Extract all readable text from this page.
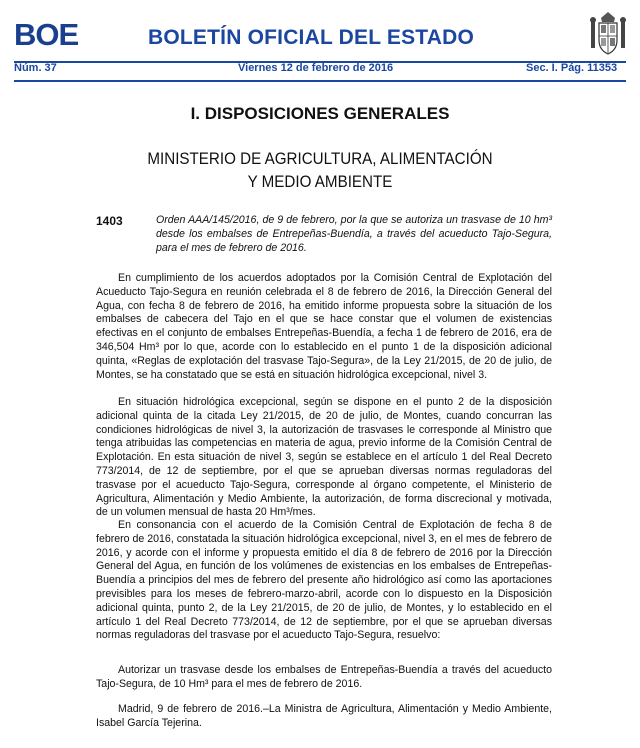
BOE	BOLETÍN OFICIAL DEL ESTADO
Núm. 37	Viernes 12 de febrero de 2016	Sec. I. Pág. 11353
I. DISPOSICIONES GENERALES
MINISTERIO DE AGRICULTURA, ALIMENTACIÓN
Y MEDIO AMBIENTE
1403	Orden AAA/145/2016, de 9 de febrero, por la que se autoriza un trasvase de 10 hm³ desde los embalses de Entrepeñas-Buendía, a través del acueducto Tajo-Segura, para el mes de febrero de 2016.

En cumplimiento de los acuerdos adoptados por la Comisión Central de Explotación del Acueducto Tajo-Segura en reunión celebrada el 8 de febrero de 2016, la Dirección General del Agua, con fecha 8 de febrero de 2016, ha emitido informe propuesta sobre la situación de los embalses de cabecera del Tajo en el que se hace constar que el volumen de existencias efectivas en el conjunto de embalses Entrepeñas-Buendía, a fecha 1 de febrero de 2016, era de 346,504 Hm³ por lo que, acorde con lo establecido en el punto 1 de la disposición adicional quinta, «Reglas de explotación del trasvase Tajo-Segura», de la Ley 21/2015, de 20 de julio, de Montes, se ha constatado que se está en situación hidrológica excepcional, nivel 3.

En situación hidrológica excepcional, según se dispone en el punto 2 de la disposición adicional quinta de la citada Ley 21/2015, de 20 de julio, de Montes, cuando concurran las condiciones hidrológicas de nivel 3, la autorización de trasvases le corresponde al Ministro que tenga atribuidas las competencias en materia de agua, previo informe de la Comisión Central de Explotación. En esta situación de nivel 3, según se establece en el artículo 1 del Real Decreto 773/2014, de 12 de septiembre, por el que se aprueban diversas normas reguladoras del trasvase por el acueducto Tajo-Segura, corresponde al órgano competente, el Ministerio de Agricultura, Alimentación y Medio Ambiente, la autorización, de forma discrecional y motivada, de un volumen mensual de hasta 20 Hm³/mes.

En consonancia con el acuerdo de la Comisión Central de Explotación de fecha 8 de febrero de 2016, constatada la situación hidrológica excepcional, nivel 3, en el mes de febrero de 2016, y acorde con el informe y propuesta emitido el día 8 de febrero de 2016 por la Dirección General del Agua, en función de los volúmenes de existencias en los embalses de Entrepeñas-Buendía a principios del mes de febrero del presente año hidrológico así como las aportaciones previsibles para los meses de febrero-marzo-abril, acorde con lo dispuesto en la Disposición adicional quinta, punto 2, de la Ley 21/2015, de 20 de julio, de Montes, y lo establecido en el artículo 1 del Real Decreto 773/2014, de 12 de septiembre, por el que se aprueban diversas normas reguladoras del trasvase por el acueducto Tajo-Segura, resuelvo:

Autorizar un trasvase desde los embalses de Entrepeñas-Buendía a través del acueducto Tajo-Segura, de 10 Hm³ para el mes de febrero de 2016.

Madrid, 9 de febrero de 2016.–La Ministra de Agricultura, Alimentación y Medio Ambiente, Isabel García Tejerina.
